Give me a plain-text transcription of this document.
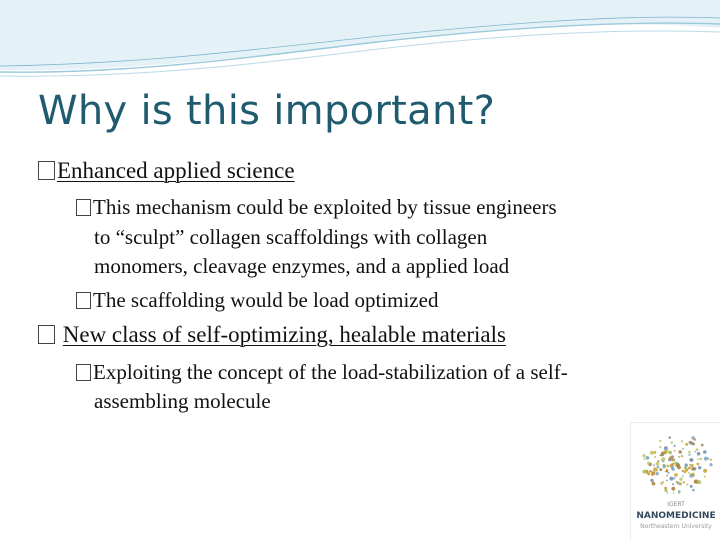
Why is this important?
Enhanced applied science
This mechanism could be exploited by tissue engineers
to “sculpt” collagen scaffoldings with collagen
monomers, cleavage enzymes, and a applied load
The scaffolding would be load optimized
New class of self-optimizing, healable materials
Exploiting the concept of the load-stabilization of a self-
assembling molecule
IGERT
NANOMEDICINE
Northeastern University
